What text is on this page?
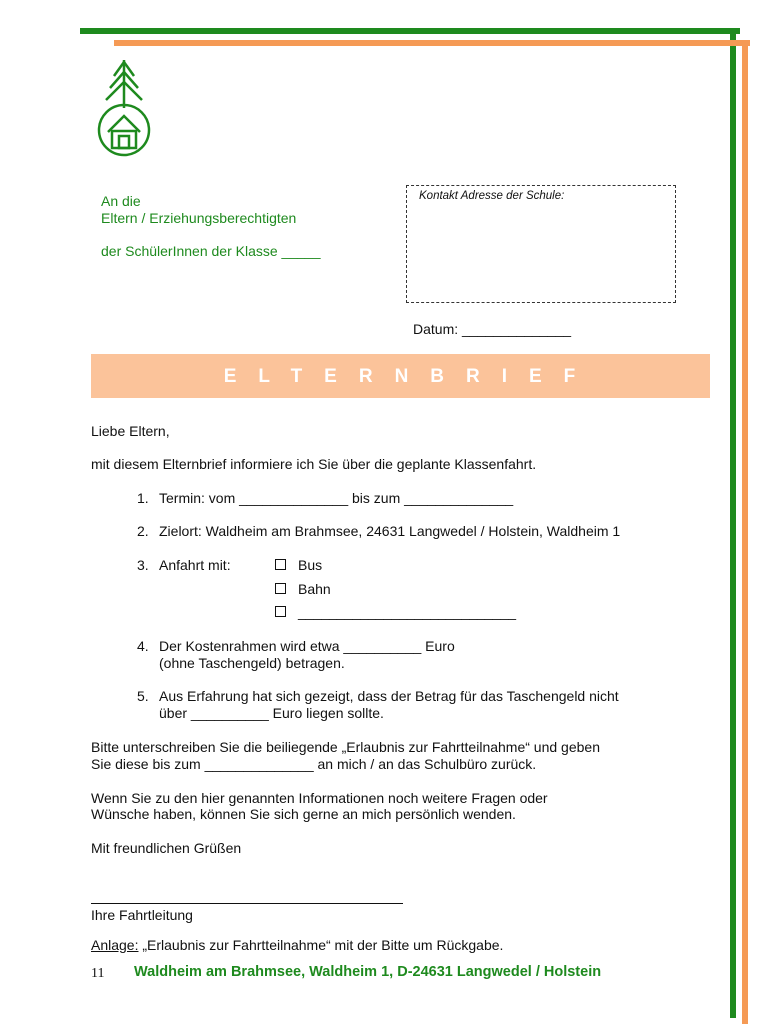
An die
Eltern / Erziehungsberechtigten
der SchülerInnen der Klasse _____
Kontakt Adresse der Schule:
Datum: ______________
ELTERNBRIEF
Liebe Eltern,
mit diesem Elternbrief informiere ich Sie über die geplante Klassenfahrt.
1. Termin: vom ______________ bis zum ______________
2. Zielort: Waldheim am Brahmsee, 24631 Langwedel / Holstein, Waldheim 1
3. Anfahrt mit:	Bus
Bahn
____________________________
4. Der Kostenrahmen wird etwa __________ Euro
(ohne Taschengeld) betragen.
5. Aus Erfahrung hat sich gezeigt, dass der Betrag für das Taschengeld nicht
über __________ Euro liegen sollte.
Bitte unterschreiben Sie die beiliegende „Erlaubnis zur Fahrtteilnahme“ und geben
Sie diese bis zum ______________ an mich / an das Schulbüro zurück.
Wenn Sie zu den hier genannten Informationen noch weitere Fragen oder
Wünsche haben, können Sie sich gerne an mich persönlich wenden.
Mit freundlichen Grüßen
Ihre Fahrtleitung
Anlage: „Erlaubnis zur Fahrtteilnahme“ mit der Bitte um Rückgabe.
11 Waldheim am Brahmsee, Waldheim 1, D-24631 Langwedel / Holstein
